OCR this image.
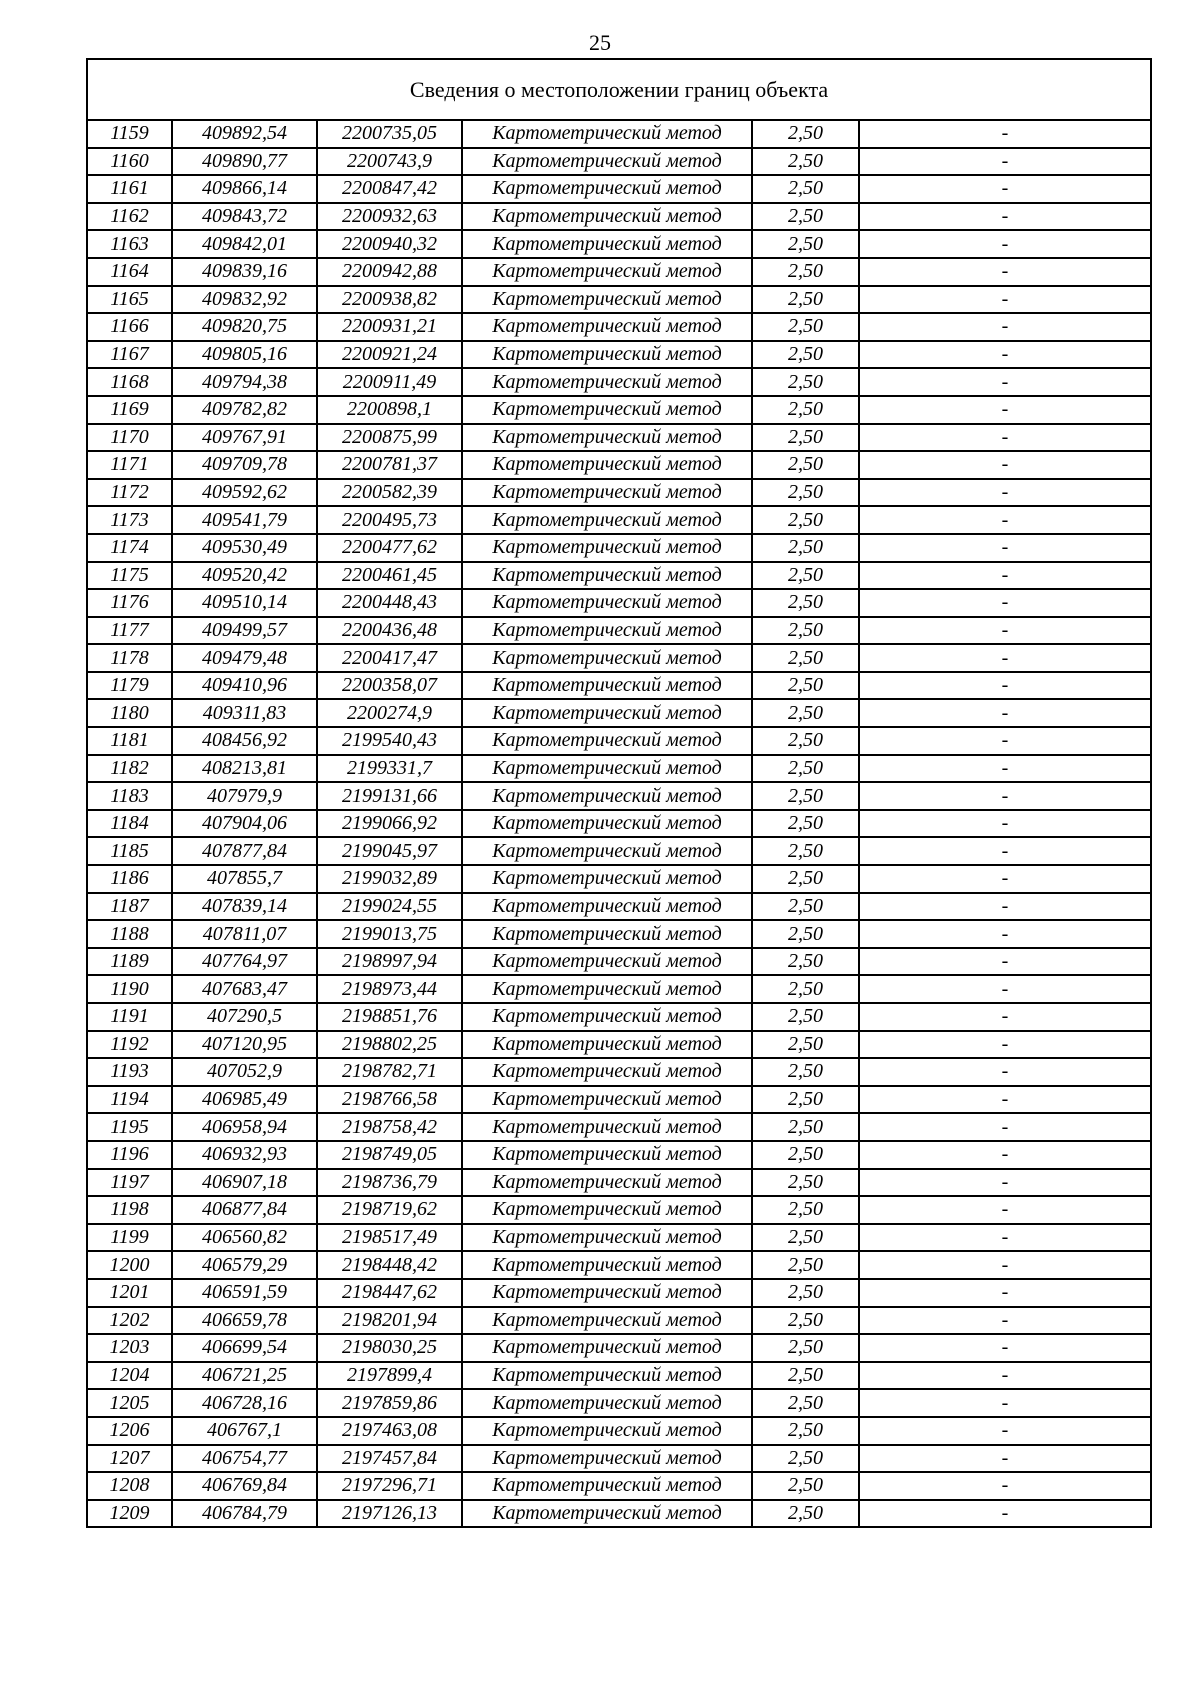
25
Сведения о местоположении границ объекта					
1159	409892,54	2200735,05	Картометрический метод	2,50	-
1160	409890,77	2200743,9	Картометрический метод	2,50	-
1161	409866,14	2200847,42	Картометрический метод	2,50	-
1162	409843,72	2200932,63	Картометрический метод	2,50	-
1163	409842,01	2200940,32	Картометрический метод	2,50	-
1164	409839,16	2200942,88	Картометрический метод	2,50	-
1165	409832,92	2200938,82	Картометрический метод	2,50	-
1166	409820,75	2200931,21	Картометрический метод	2,50	-
1167	409805,16	2200921,24	Картометрический метод	2,50	-
1168	409794,38	2200911,49	Картометрический метод	2,50	-
1169	409782,82	2200898,1	Картометрический метод	2,50	-
1170	409767,91	2200875,99	Картометрический метод	2,50	-
1171	409709,78	2200781,37	Картометрический метод	2,50	-
1172	409592,62	2200582,39	Картометрический метод	2,50	-
1173	409541,79	2200495,73	Картометрический метод	2,50	-
1174	409530,49	2200477,62	Картометрический метод	2,50	-
1175	409520,42	2200461,45	Картометрический метод	2,50	-
1176	409510,14	2200448,43	Картометрический метод	2,50	-
1177	409499,57	2200436,48	Картометрический метод	2,50	-
1178	409479,48	2200417,47	Картометрический метод	2,50	-
1179	409410,96	2200358,07	Картометрический метод	2,50	-
1180	409311,83	2200274,9	Картометрический метод	2,50	-
1181	408456,92	2199540,43	Картометрический метод	2,50	-
1182	408213,81	2199331,7	Картометрический метод	2,50	-
1183	407979,9	2199131,66	Картометрический метод	2,50	-
1184	407904,06	2199066,92	Картометрический метод	2,50	-
1185	407877,84	2199045,97	Картометрический метод	2,50	-
1186	407855,7	2199032,89	Картометрический метод	2,50	-
1187	407839,14	2199024,55	Картометрический метод	2,50	-
1188	407811,07	2199013,75	Картометрический метод	2,50	-
1189	407764,97	2198997,94	Картометрический метод	2,50	-
1190	407683,47	2198973,44	Картометрический метод	2,50	-
1191	407290,5	2198851,76	Картометрический метод	2,50	-
1192	407120,95	2198802,25	Картометрический метод	2,50	-
1193	407052,9	2198782,71	Картометрический метод	2,50	-
1194	406985,49	2198766,58	Картометрический метод	2,50	-
1195	406958,94	2198758,42	Картометрический метод	2,50	-
1196	406932,93	2198749,05	Картометрический метод	2,50	-
1197	406907,18	2198736,79	Картометрический метод	2,50	-
1198	406877,84	2198719,62	Картометрический метод	2,50	-
1199	406560,82	2198517,49	Картометрический метод	2,50	-
1200	406579,29	2198448,42	Картометрический метод	2,50	-
1201	406591,59	2198447,62	Картометрический метод	2,50	-
1202	406659,78	2198201,94	Картометрический метод	2,50	-
1203	406699,54	2198030,25	Картометрический метод	2,50	-
1204	406721,25	2197899,4	Картометрический метод	2,50	-
1205	406728,16	2197859,86	Картометрический метод	2,50	-
1206	406767,1	2197463,08	Картометрический метод	2,50	-
1207	406754,77	2197457,84	Картометрический метод	2,50	-
1208	406769,84	2197296,71	Картометрический метод	2,50	-
1209	406784,79	2197126,13	Картометрический метод	2,50	-
